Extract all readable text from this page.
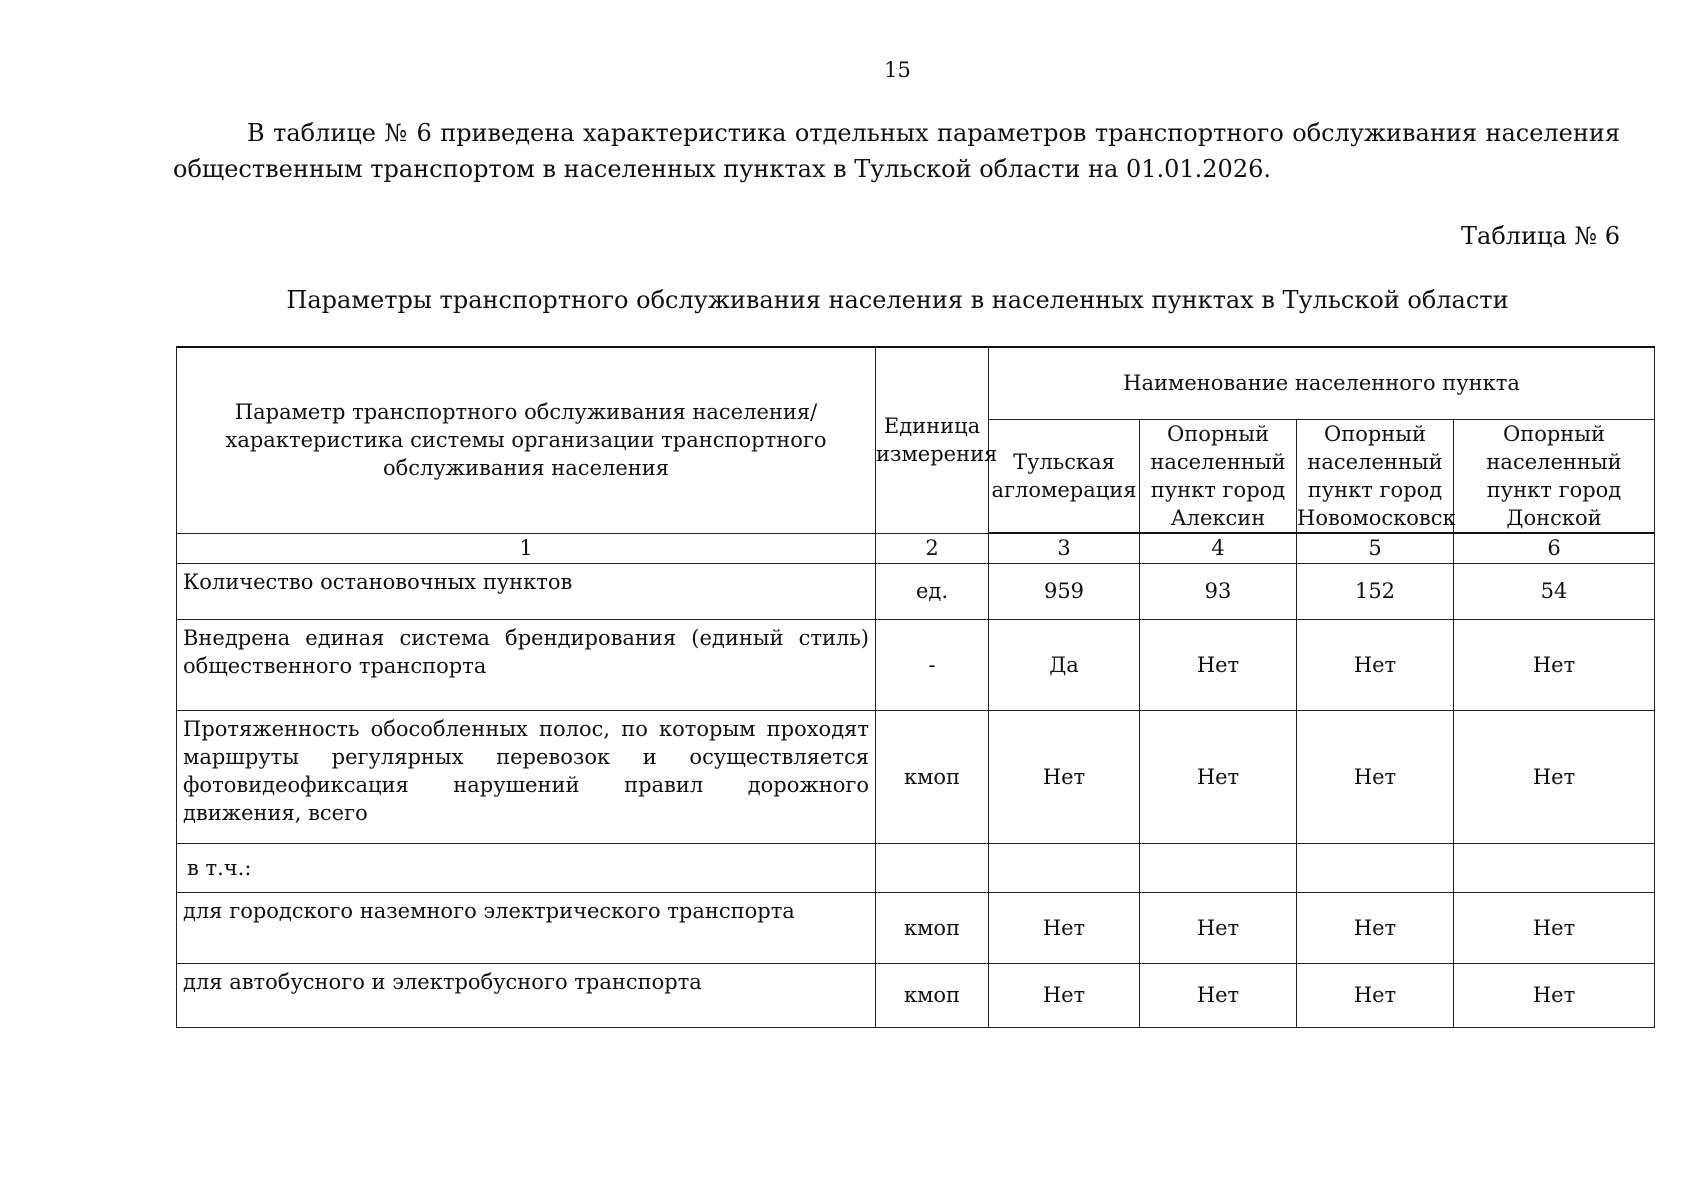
15

В таблице № 6 приведена характеристика отдельных параметров транспортного обслуживания населения общественным транспортом в населенных пунктах в Тульской области на 01.01.2026.

Таблица № 6
Параметры транспортного обслуживания населения в населенных пунктах в Тульской области
Параметр транспортного обслуживания населения/ характеристика системы организации транспортного обслуживания населения	Единица измерения	Наименование населенного пункта			
		Тульская агломерация	Опорный населенный пункт город Алексин	Опорный населенный пункт город Новомосковск	Опорный населенный пункт город Донской
1	2	3	4	5	6
Количество остановочных пунктов	ед.	959	93	152	54
Внедрена единая система брендирования (единый стиль) общественного транспорта	-	Да	Нет	Нет	Нет
Протяженность обособленных полос, по которым проходят маршруты регулярных перевозок и осуществляется фотовидеофиксация нарушений правил дорожного движения, всего	кмоп	Нет	Нет	Нет	Нет
в т.ч.:					
для городского наземного электрического транспорта	кмоп	Нет	Нет	Нет	Нет
для автобусного и электробусного транспорта	кмоп	Нет	Нет	Нет	Нет
